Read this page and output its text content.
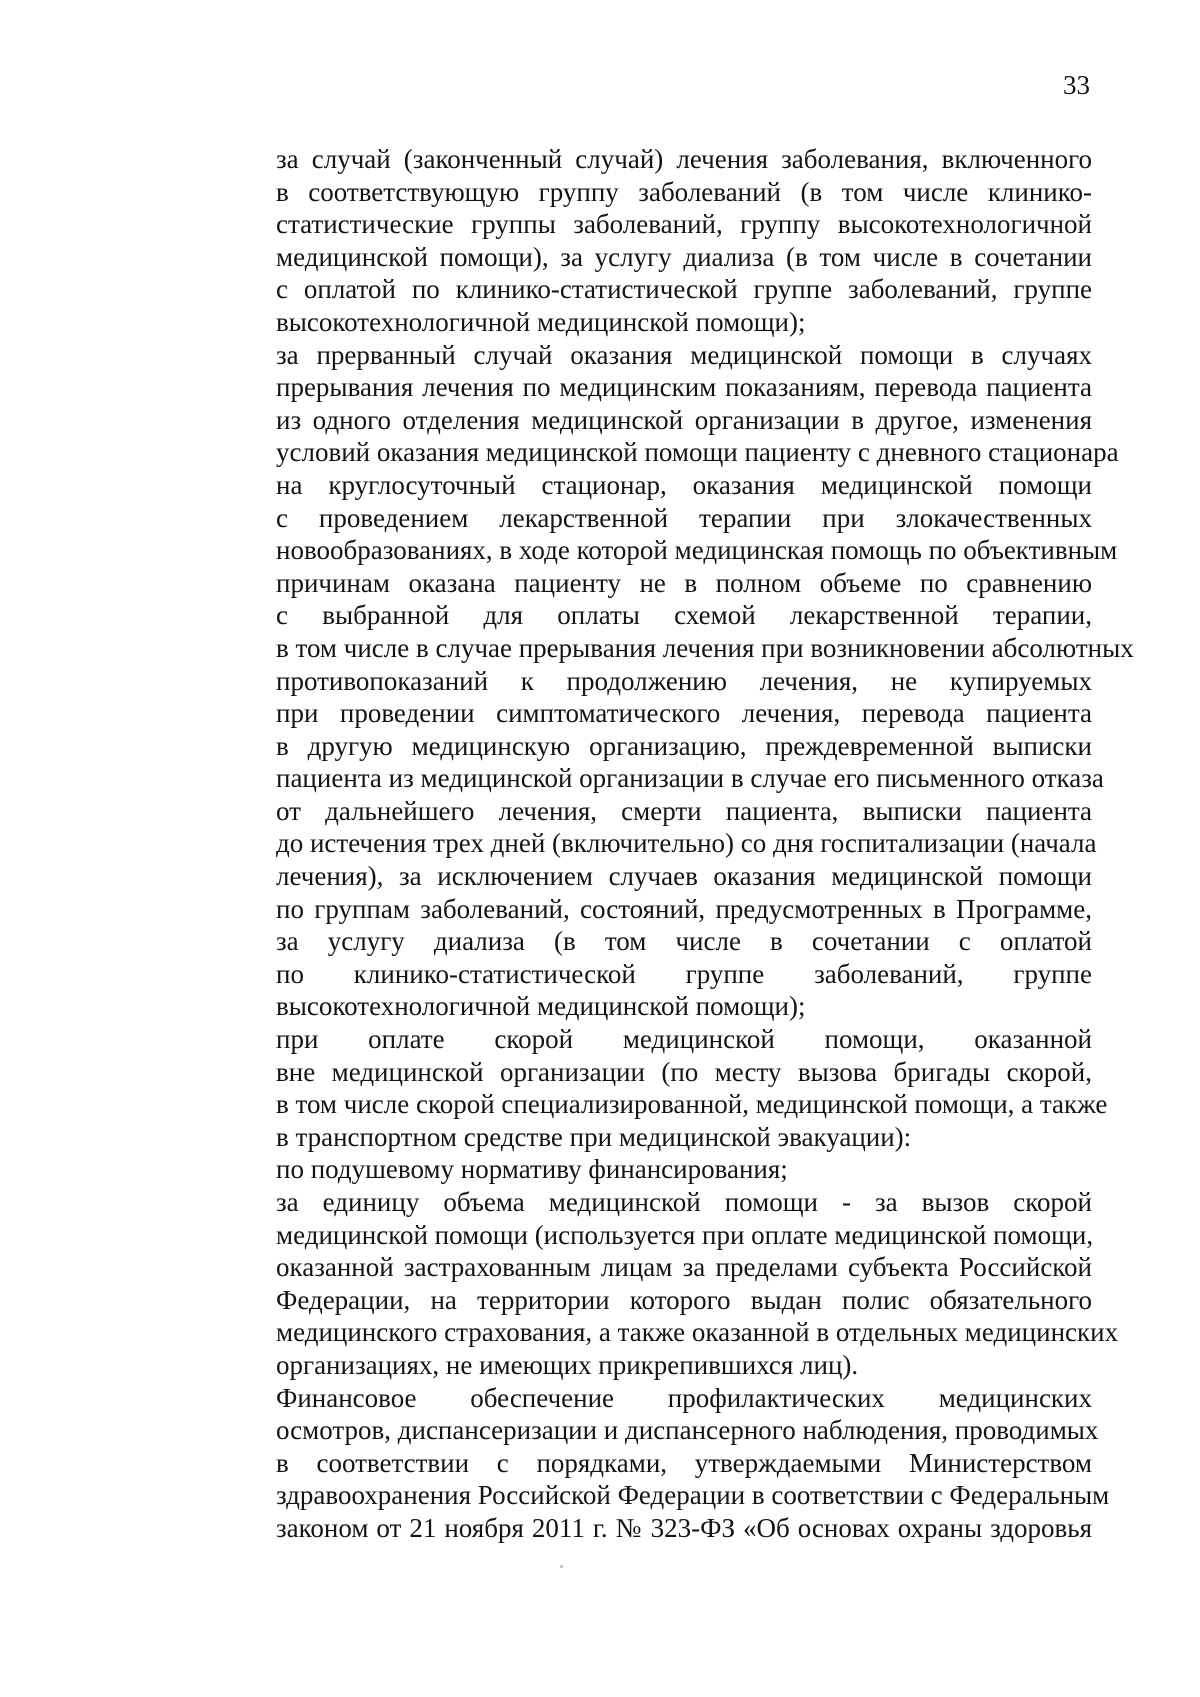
33

за случай (законченный случай) лечения заболевания, включенного
в соответствующую группу заболеваний (в том числе клинико-
статистические группы заболеваний, группу высокотехнологичной
медицинской помощи), за услугу диализа (в том числе в сочетании
с оплатой по клинико-статистической группе заболеваний, группе
высокотехнологичной медицинской помощи);

за прерванный случай оказания медицинской помощи в случаях
прерывания лечения по медицинским показаниям, перевода пациента
из одного отделения медицинской организации в другое, изменения
условий оказания медицинской помощи пациенту с дневного стационара
на круглосуточный стационар, оказания медицинской помощи
с проведением лекарственной терапии при злокачественных
новообразованиях, в ходе которой медицинская помощь по объективным
причинам оказана пациенту не в полном объеме по сравнению
с выбранной для оплаты схемой лекарственной терапии,
в том числе в случае прерывания лечения при возникновении абсолютных
противопоказаний к продолжению лечения, не купируемых
при проведении симптоматического лечения, перевода пациента
в другую медицинскую организацию, преждевременной выписки
пациента из медицинской организации в случае его письменного отказа
от дальнейшего лечения, смерти пациента, выписки пациента
до истечения трех дней (включительно) со дня госпитализации (начала
лечения), за исключением случаев оказания медицинской помощи
по группам заболеваний, состояний, предусмотренных в Программе,
за услугу диализа (в том числе в сочетании с оплатой
по клинико-статистической группе заболеваний, группе
высокотехнологичной медицинской помощи);

при оплате скорой медицинской помощи, оказанной
вне медицинской организации (по месту вызова бригады скорой,
в том числе скорой специализированной, медицинской помощи, а также
в транспортном средстве при медицинской эвакуации):

по подушевому нормативу финансирования;

за единицу объема медицинской помощи - за вызов скорой
медицинской помощи (используется при оплате медицинской помощи,
оказанной застрахованным лицам за пределами субъекта Российской
Федерации, на территории которого выдан полис обязательного
медицинского страхования, а также оказанной в отдельных медицинских
организациях, не имеющих прикрепившихся лиц).

Финансовое обеспечение профилактических медицинских
осмотров, диспансеризации и диспансерного наблюдения, проводимых
в соответствии с порядками, утверждаемыми Министерством
здравоохранения Российской Федерации в соответствии с Федеральным
законом от 21 ноября 2011 г. № 323-ФЗ «Об основах охраны здоровья
